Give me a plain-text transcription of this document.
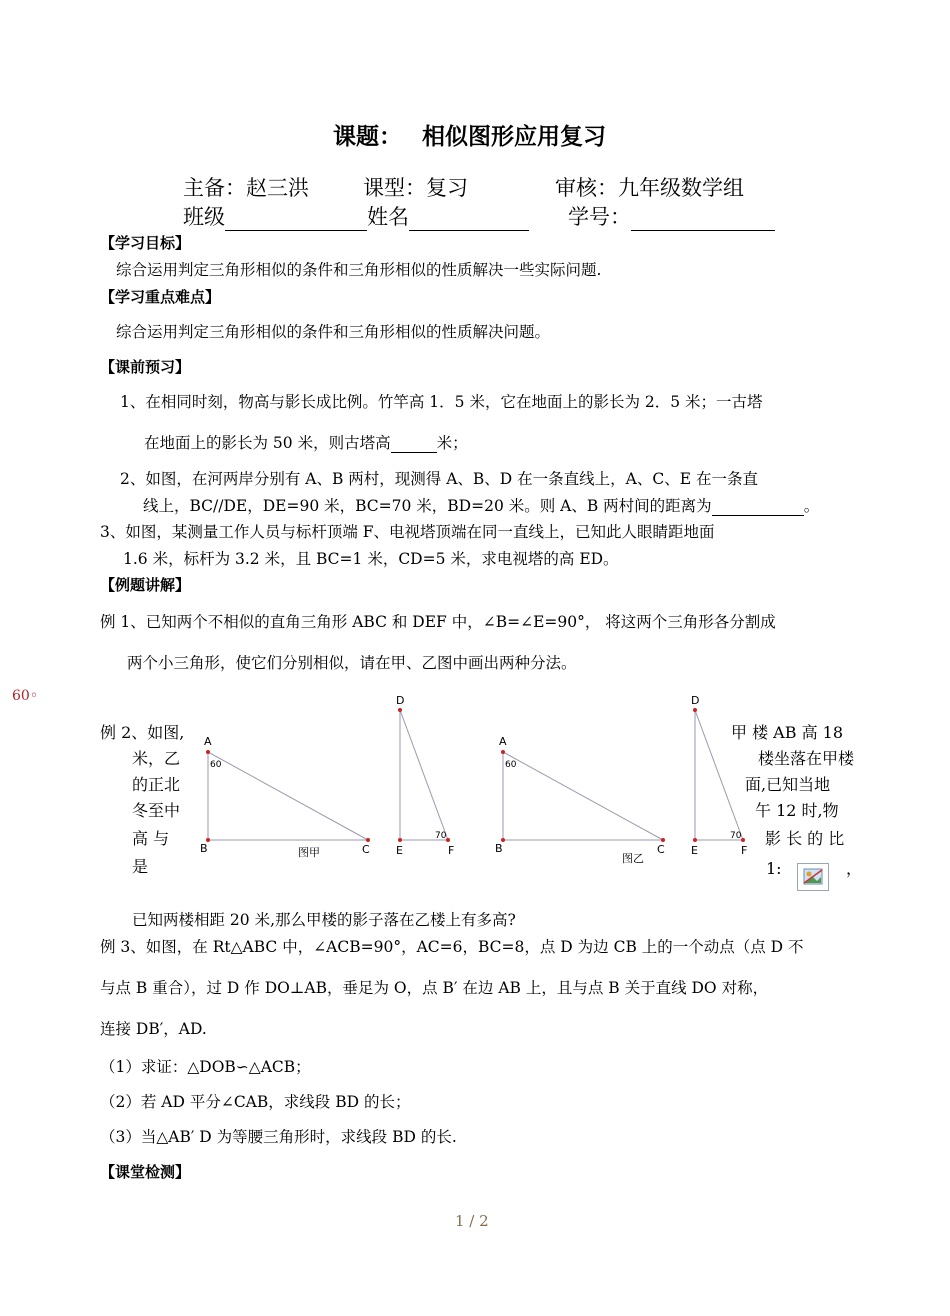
课题： 相似图形应用复习
主备：赵三洪	课型：复习	审核：九年级数学组
班级	姓名	学号：
【学习目标】
综合运用判定三角形相似的条件和三角形相似的性质解决一些实际问题.
【学习重点难点】
综合运用判定三角形相似的条件和三角形相似的性质解决问题。
【课前预习】
1、在相同时刻，物高与影长成比例。竹竿高 1．5 米，它在地面上的影长为 2．5 米；一古塔
在地面上的影长为 50 米，则古塔高	米；
2、如图，在河两岸分别有 A、B 两村，现测得 A、B、D 在一条直线上，A、C、E 在一条直
线上，BC//DE，DE=90 米，BC=70 米，BD=20 米。则 A、B 两村间的距离为	。
3、如图，某测量工作人员与标杆顶端 F、电视塔顶端在同一直线上，已知此人眼睛距地面
1.6 米，标杆为 3.2 米，且 BC=1 米，CD=5 米，求电视塔的高 ED。
【例题讲解】
例 1、已知两个不相似的直角三角形 ABC 和 DEF 中，∠B=∠E=90°， 将这两个三角形各分割成
两个小三角形，使它们分别相似，请在甲、乙图中画出两种分法。
60◦
例 2、如图,
米，乙
的正北
冬至中
高 与
是
甲 楼 AB 高 18
楼坐落在甲楼
面,已知当地
午 12 时,物
影 长 的 比
1:	，
A
60
B	C
D
E	F
70
图甲
A
60
B	C
D
E
70
图乙
F
已知两楼相距 20 米,那么甲楼的影子落在乙楼上有多高?
例 3、如图，在 Rt△ABC 中，∠ACB=90°，AC=6，BC=8，点 D 为边 CB 上的一个动点（点 D 不
与点 B 重合），过 D 作 DO⊥AB，垂足为 O，点 B′ 在边 AB 上，且与点 B 关于直线 DO 对称，
连接 DB′，AD.
（1）求证：△DOB∽△ACB；
（2）若 AD 平分∠CAB，求线段 BD 的长；
（3）当△AB′ D 为等腰三角形时，求线段 BD 的长.
【课堂检测】
1 / 2
